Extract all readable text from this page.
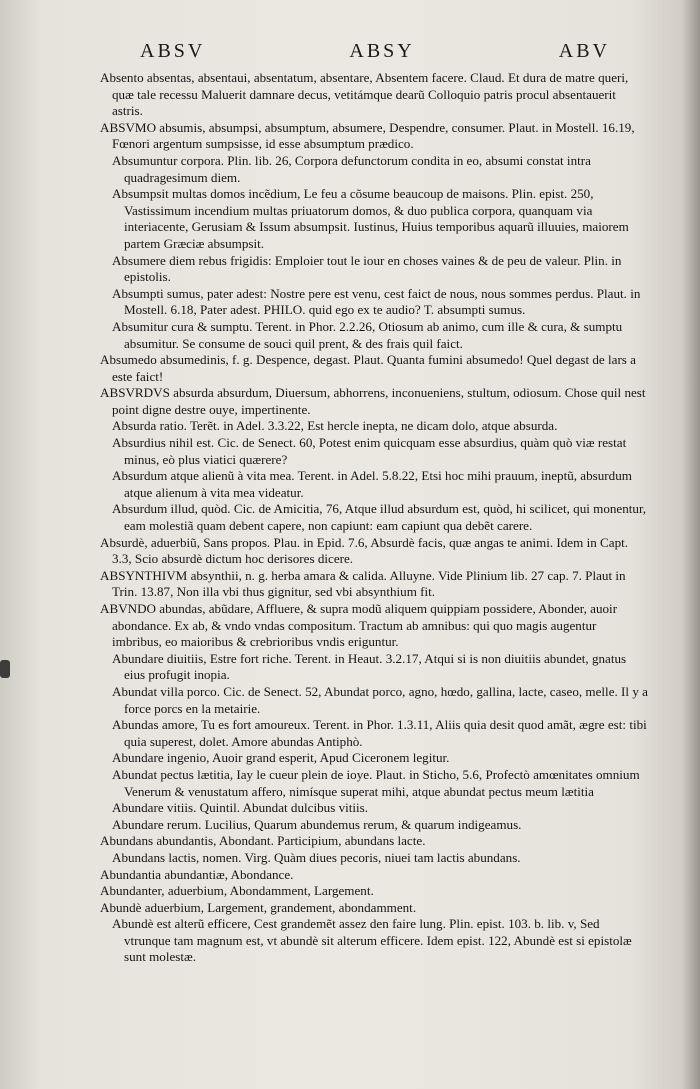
ABSV	ABSY	ABV

Absento absentas, absentaui, absentatum, absentare, Absentem facere. Claud. Et dura de matre queri, quæ tale recessu Maluerit damnare decus, vetitámque dearũ Colloquio patris procul absentauerit astris.

ABSVMO absumis, absumpsi, absumptum, absumere, Despendre, consumer. Plaut. in Mostell. 16.19, Fœnori argentum sumpsisse, id esse absumptum prædico.

Absumuntur corpora. Plin. lib. 26, Corpora defunctorum condita in eo, absumi constat intra quadragesimum diem.

Absumpsit multas domos incẽdium, Le feu a cõsume beaucoup de maisons. Plin. epist. 250, Vastissimum incendium multas priuatorum domos, & duo publica corpora, quanquam via interiacente, Gerusiam & Issum absumpsit. Iustinus, Huius temporibus aquarũ illuuies, maiorem partem Græciæ absumpsit.

Absumere diem rebus frigidis: Emploier tout le iour en choses vaines & de peu de valeur. Plin. in epistolis.

Absumpti sumus, pater adest: Nostre pere est venu, cest faict de nous, nous sommes perdus. Plaut. in Mostell. 6.18, Pater adest. PHILO. quid ego ex te audio? T. absumpti sumus.

Absumitur cura & sumptu. Terent. in Phor. 2.2.26, Otiosum ab animo, cum ille & cura, & sumptu absumitur. Se consume de souci quil prent, & des frais quil faict.

Absumedo absumedinis, f. g. Despence, degast. Plaut. Quanta fumini absumedo! Quel degast de lars a este faict!

ABSVRDVS absurda absurdum, Diuersum, abhorrens, inconueniens, stultum, odiosum. Chose quil nest point digne destre ouye, impertinente.

Absurda ratio. Terẽt. in Adel. 3.3.22, Est hercle inepta, ne dicam dolo, atque absurda.

Absurdius nihil est. Cic. de Senect. 60, Potest enim quicquam esse absurdius, quàm quò viæ restat minus, eò plus viatici quærere?

Absurdum atque alienũ à vita mea. Terent. in Adel. 5.8.22, Etsi hoc mihi prauum, ineptũ, absurdum atque alienum à vita mea videatur.

Absurdum illud, quòd. Cic. de Amicitia, 76, Atque illud absurdum est, quòd, hi scilicet, qui monentur, eam molestiã quam debent capere, non capiunt: eam capiunt qua debẽt carere.

Absurdè, aduerbiũ, Sans propos. Plau. in Epid. 7.6, Absurdè facis, quæ angas te animi. Idem in Capt. 3.3, Scio absurdè dictum hoc derisores dicere.

ABSYNTHIVM absynthii, n. g. herba amara & calida. Alluyne. Vide Plinium lib. 27 cap. 7. Plaut in Trin. 13.87, Non illa vbi thus gignitur, sed vbi absynthium fit.

ABVNDO abundas, abũdare, Affluere, & supra modũ aliquem quippiam possidere, Abonder, auoir abondance. Ex ab, & vndo vndas compositum. Tractum ab amnibus: qui quo magis augentur imbribus, eo maioribus & crebrioribus vndis eriguntur.

Abundare diuitiis, Estre fort riche. Terent. in Heaut. 3.2.17, Atqui si is non diuitiis abundet, gnatus eius profugit inopia.

Abundat villa porco. Cic. de Senect. 52, Abundat porco, agno, hœdo, gallina, lacte, caseo, melle. Il y a force porcs en la metairie.

Abundas amore, Tu es fort amoureux. Terent. in Phor. 1.3.11, Aliis quia desit quod amãt, ægre est: tibi quia superest, dolet. Amore abundas Antiphò.

Abundare ingenio, Auoir grand esperit, Apud Ciceronem legitur.

Abundat pectus lætitia, Iay le cueur plein de ioye. Plaut. in Sticho, 5.6, Profectò amœnitates omnium Venerum & venustatum affero, nimísque superat mihi, atque abundat pectus meum lætitia

Abundare vitiis. Quintil. Abundat dulcibus vitiis.

Abundare rerum. Lucilius, Quarum abundemus rerum, & quarum indigeamus.

Abundans abundantis, Abondant. Participium, abundans lacte.

Abundans lactis, nomen. Virg. Quàm diues pecoris, niuei tam lactis abundans.

Abundantia abundantiæ, Abondance.

Abundanter, aduerbium, Abondamment, Largement.

Abundè aduerbium, Largement, grandement, abondamment.

Abundè est alterũ efficere, Cest grandemẽt assez den faire lung. Plin. epist. 103. b. lib. v, Sed vtrunque tam magnum est, vt abundè sit alterum efficere. Idem epist. 122, Abundè est si epistolæ sunt molestæ.
